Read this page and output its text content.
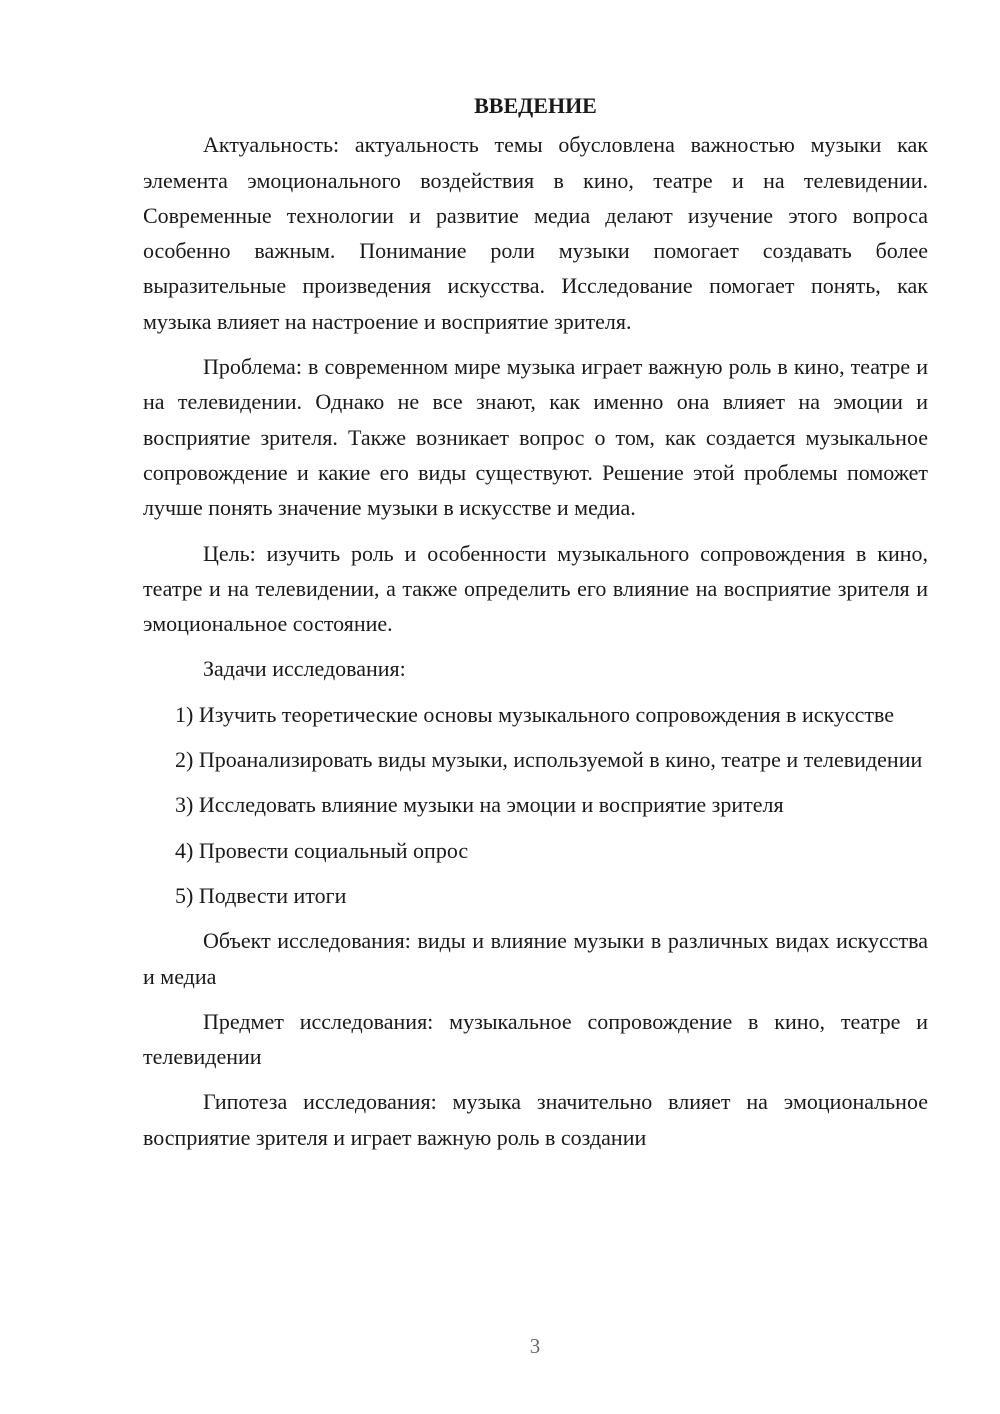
ВВЕДЕНИЕ

Актуальность: актуальность темы обусловлена важностью музыки как элемента эмоционального воздействия в кино, театре и на телевидении. Современные технологии и развитие медиа делают изучение этого вопроса особенно важным. Понимание роли музыки помогает создавать более выразительные произведения искусства. Исследование помогает понять, как музыка влияет на настроение и восприятие зрителя.

Проблема: в современном мире музыка играет важную роль в кино, театре и на телевидении. Однако не все знают, как именно она влияет на эмоции и восприятие зрителя. Также возникает вопрос о том, как создается музыкальное сопровождение и какие его виды существуют. Решение этой проблемы поможет лучше понять значение музыки в искусстве и медиа.

Цель: изучить роль и особенности музыкального сопровождения в кино, театре и на телевидении, а также определить его влияние на восприятие зрителя и эмоциональное состояние.

Задачи исследования:

1) Изучить теоретические основы музыкального сопровождения в искусстве

2) Проанализировать виды музыки, используемой в кино, театре и телевидении

3) Исследовать влияние музыки на эмоции и восприятие зрителя

4) Провести социальный опрос

5) Подвести итоги

Объект исследования: виды и влияние музыки в различных видах искусства и медиа

Предмет исследования: музыкальное сопровождение в кино, театре и телевидении

Гипотеза исследования: музыка значительно влияет на эмоциональное восприятие зрителя и играет важную роль в создании

3
